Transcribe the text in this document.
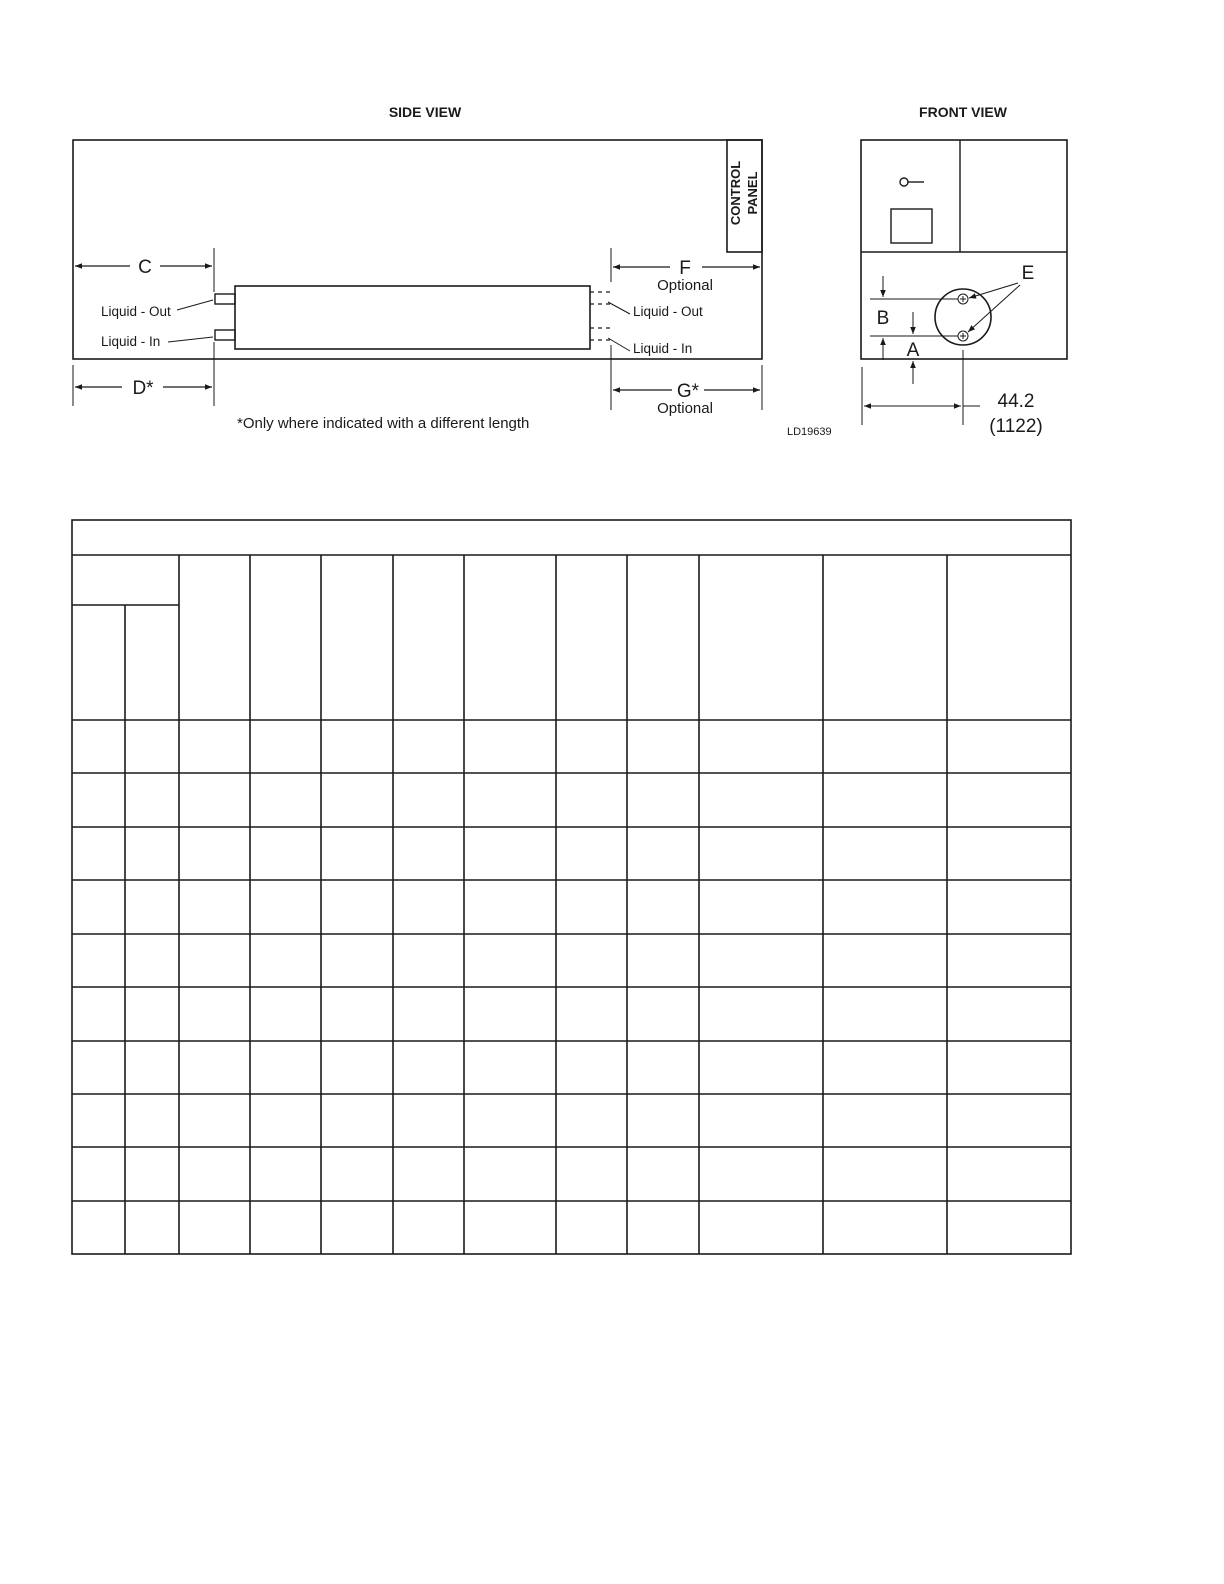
SIDE VIEW
CONTROL PANEL
C
D*
F
Optional
G*
Optional
Liquid - Out
Liquid - In
Liquid - Out
Liquid - In
*Only where indicated with a different length	LD19639
FRONT VIEW
E
B
A
44.2
(1122)
